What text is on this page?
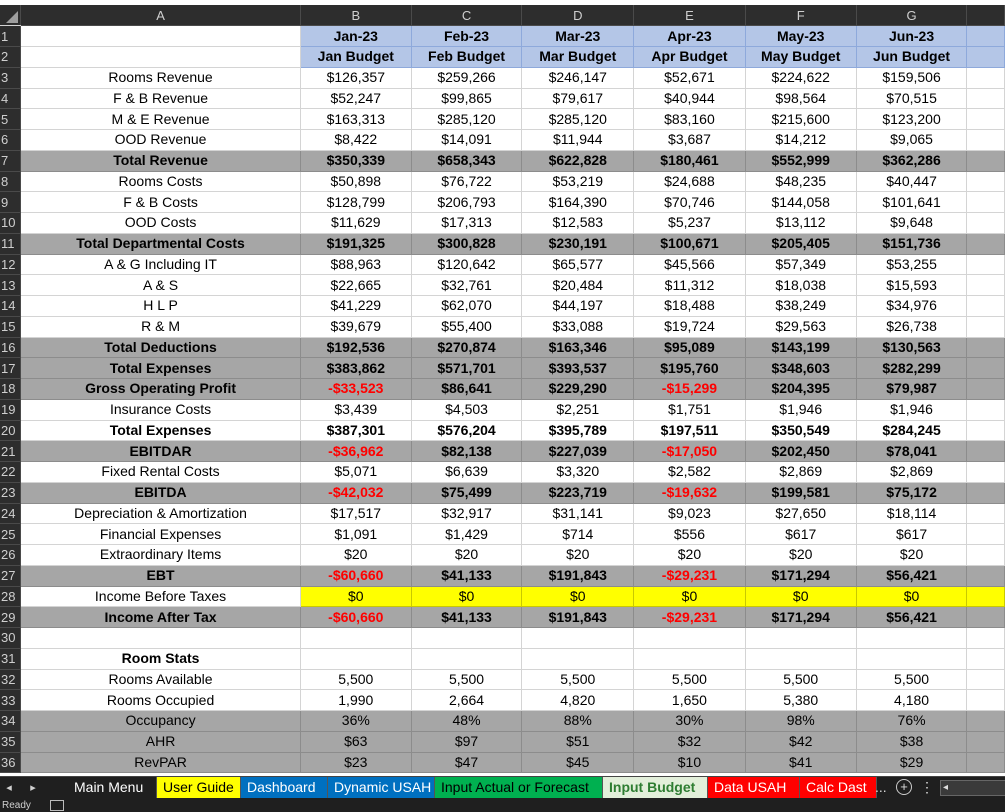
	A	B	C	D	E	F	G	
1		Jan-23	Feb-23	Mar-23	Apr-23	May-23	Jun-23	
2		Jan Budget	Feb Budget	Mar Budget	Apr Budget	May Budget	Jun Budget	
3	Rooms Revenue	$126,357	$259,266	$246,147	$52,671	$224,622	$159,506	
4	F & B Revenue	$52,247	$99,865	$79,617	$40,944	$98,564	$70,515	
5	M & E Revenue	$163,313	$285,120	$285,120	$83,160	$215,600	$123,200	
6	OOD Revenue	$8,422	$14,091	$11,944	$3,687	$14,212	$9,065	
7	Total Revenue	$350,339	$658,343	$622,828	$180,461	$552,999	$362,286	
8	Rooms Costs	$50,898	$76,722	$53,219	$24,688	$48,235	$40,447	
9	F & B Costs	$128,799	$206,793	$164,390	$70,746	$144,058	$101,641	
10	OOD Costs	$11,629	$17,313	$12,583	$5,237	$13,112	$9,648	
11	Total Departmental Costs	$191,325	$300,828	$230,191	$100,671	$205,405	$151,736	
12	A & G Including IT	$88,963	$120,642	$65,577	$45,566	$57,349	$53,255	
13	A & S	$22,665	$32,761	$20,484	$11,312	$18,038	$15,593	
14	H L P	$41,229	$62,070	$44,197	$18,488	$38,249	$34,976	
15	R & M	$39,679	$55,400	$33,088	$19,724	$29,563	$26,738	
16	Total Deductions	$192,536	$270,874	$163,346	$95,089	$143,199	$130,563	
17	Total Expenses	$383,862	$571,701	$393,537	$195,760	$348,603	$282,299	
18	Gross Operating Profit	-$33,523	$86,641	$229,290	-$15,299	$204,395	$79,987	
19	Insurance Costs	$3,439	$4,503	$2,251	$1,751	$1,946	$1,946	
20	Total Expenses	$387,301	$576,204	$395,789	$197,511	$350,549	$284,245	
21	EBITDAR	-$36,962	$82,138	$227,039	-$17,050	$202,450	$78,041	
22	Fixed Rental Costs	$5,071	$6,639	$3,320	$2,582	$2,869	$2,869	
23	EBITDA	-$42,032	$75,499	$223,719	-$19,632	$199,581	$75,172	
24	Depreciation & Amortization	$17,517	$32,917	$31,141	$9,023	$27,650	$18,114	
25	Financial Expenses	$1,091	$1,429	$714	$556	$617	$617	
26	Extraordinary Items	$20	$20	$20	$20	$20	$20	
27	EBT	-$60,660	$41,133	$191,843	-$29,231	$171,294	$56,421	
28	Income Before Taxes	$0	$0	$0	$0	$0	$0	
29	Income After Tax	-$60,660	$41,133	$191,843	-$29,231	$171,294	$56,421	
30								
31	Room Stats							
32	Rooms Available	5,500	5,500	5,500	5,500	5,500	5,500	
33	Rooms Occupied	1,990	2,664	4,820	1,650	5,380	4,180	
34	Occupancy	36%	48%	88%	30%	98%	76%	
35	AHR	$63	$97	$51	$32	$42	$38	
36	RevPAR	$23	$47	$45	$10	$41	$29	
◂	▸	Main Menu	User Guide Dashboard	Dynamic USAH Input Actual or Forecast	Input Budget	Data USAH	Calc Dast ...	+ ⋮ ◂
Ready
